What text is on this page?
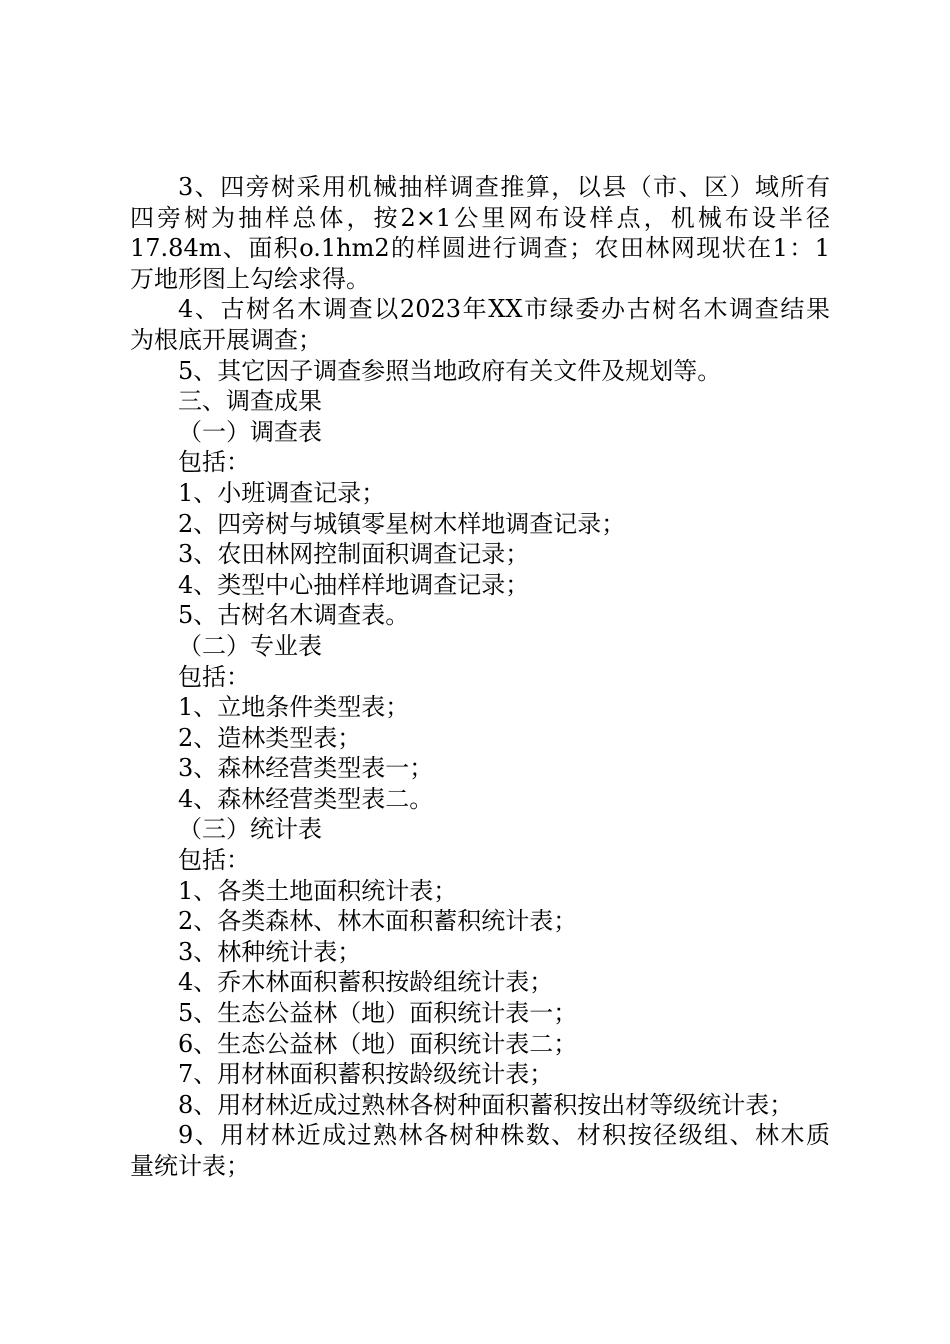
3、四旁树采用机械抽样调查推算，以县（市、区）域所有
四旁树为抽样总体，按2×1公里网布设样点，机械布设半径
17.84m、面积o.1hm2的样圆进行调查；农田林网现状在1：1
万地形图上勾绘求得。
4、古树名木调查以2023年XX市绿委办古树名木调查结果
为根底开展调查；
5、其它因子调查参照当地政府有关文件及规划等。
三、调查成果
（一）调查表
包括：
1、小班调查记录；
2、四旁树与城镇零星树木样地调查记录；
3、农田林网控制面积调查记录；
4、类型中心抽样样地调查记录；
5、古树名木调查表。
（二）专业表
包括：
1、立地条件类型表；
2、造林类型表；
3、森林经营类型表一；
4、森林经营类型表二。
（三）统计表
包括：
1、各类土地面积统计表；
2、各类森林、林木面积蓄积统计表；
3、林种统计表；
4、乔木林面积蓄积按龄组统计表；
5、生态公益林（地）面积统计表一；
6、生态公益林（地）面积统计表二；
7、用材林面积蓄积按龄级统计表；
8、用材林近成过熟林各树种面积蓄积按出材等级统计表；
9、用材林近成过熟林各树种株数、材积按径级组、林木质
量统计表；
